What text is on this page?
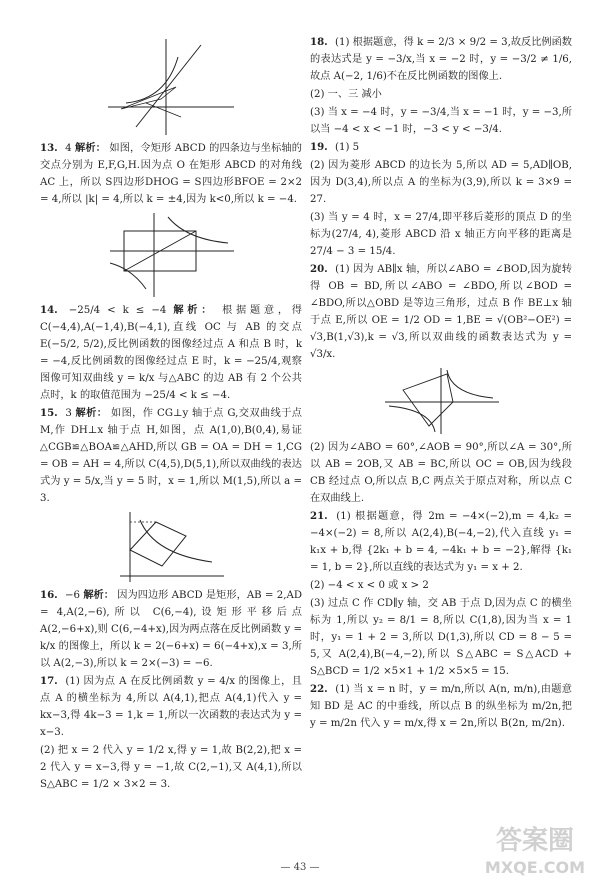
13. 4 解析： 如图，令矩形 ABCD 的四条边与坐标轴的交点分别为 E,F,G,H.因为点 O 在矩形 ABCD 的对角线 AC 上，所以 S四边形DHOG = S四边形BFOE = 2×2 = 4,所以 |k| = 4,所以 k = ±4,因为 k<0,所以 k = −4.
14. −25/4 < k ≤ −4 解析： 根据题意，得 C(−4,4),A(−1,4),B(−4,1),直线 OC 与 AB 的交点 E(−5/2, 5/2),反比例函数的图像经过点 A 和点 B 时，k = −4,反比例函数的图像经过点 E 时，k = −25/4,观察图像可知双曲线 y = k/x 与△ABC 的边 AB 有 2 个公共点时，k 的取值范围为 −25/4 < k ≤ −4.
15. 3 解析： 如图，作 CG⊥y 轴于点 G,交双曲线于点 M,作 DH⊥x 轴于点 H,如图，点 A(1,0),B(0,4),易证△CGB≌△BOA≌△AHD,所以 GB = OA = DH = 1,CG = OB = AH = 4,所以 C(4,5),D(5,1),所以双曲线的表达式为 y = 5/x,当 y = 5 时，x = 1,所以 M(1,5),所以 a = 3.
16. −6 解析： 因为四边形 ABCD 是矩形，AB = 2,AD = 4,A(2,−6),所以 C(6,−4),设矩形平移后点 A(2,−6+x),则 C(6,−4+x),因为两点落在反比例函数 y = k/x 的图像上，所以 k = 2(−6+x) = 6(−4+x),x = 3,所以 A(2,−3),所以 k = 2×(−3) = −6.
17. (1) 因为点 A 在反比例函数 y = 4/x 的图像上，且点 A 的横坐标为 4,所以 A(4,1),把点 A(4,1)代入 y = kx−3,得 4k−3 = 1,k = 1,所以一次函数的表达式为 y = x−3.
(2) 把 x = 2 代入 y = 1/2 x,得 y = 1,故 B(2,2),把 x = 2 代入 y = x−3,得 y = −1,故 C(2,−1),又 A(4,1),所以 S△ABC = 1/2 × 3×2 = 3.
18. (1) 根据题意，得 k = 2/3 × 9/2 = 3,故反比例函数的表达式是 y = −3/x,当 x = −2 时，y = −3/2 ≠ 1/6,故点 A(−2, 1/6)不在反比例函数的图像上.
(2) 一、三 减小
(3) 当 x = −4 时，y = −3/4,当 x = −1 时，y = −3,所以当 −4 < x < −1 时，−3 < y < −3/4.
19. (1) 5
(2) 因为菱形 ABCD 的边长为 5,所以 AD = 5,AD∥OB,因为 D(3,4),所以点 A 的坐标为(3,9),所以 k = 3×9 = 27.
(3) 当 y = 4 时，x = 27/4,即平移后菱形的顶点 D 的坐标为(27/4, 4),菱形 ABCD 沿 x 轴正方向平移的距离是 27/4 − 3 = 15/4.
20. (1) 因为 AB∥x 轴，所以∠ABO = ∠BOD,因为旋转得 OB = BD,所以∠ABO = ∠BDO,所以∠BOD = ∠BDO,所以△OBD 是等边三角形，过点 B 作 BE⊥x 轴于点 E,所以 OE = 1/2 OD = 1,BE = √(OB²−OE²) = √3,B(1,√3),k = √3,所以双曲线的函数表达式为 y = √3/x.
(2) 因为∠ABO = 60°,∠AOB = 90°,所以∠A = 30°,所以 AB = 2OB,又 AB = BC,所以 OC = OB,因为线段 CB 经过点 O,所以点 B,C 两点关于原点对称，所以点 C 在双曲线上.
21. (1) 根据题意，得 2m = −4×(−2),m = 4,k₂ = −4×(−2) = 8,所以 A(2,4),B(−4,−2),代入直线 y₁ = k₁x + b,得 {2k₁ + b = 4, −4k₁ + b = −2},解得 {k₁ = 1, b = 2},所以直线的表达式为 y₁ = x + 2.
(2) −4 < x < 0 或 x > 2
(3) 过点 C 作 CD∥y 轴，交 AB 于点 D,因为点 C 的横坐标为 1,所以 y₂ = 8/1 = 8,所以 C(1,8),因为当 x = 1 时，y₁ = 1 + 2 = 3,所以 D(1,3),所以 CD = 8 − 5 = 5,又 A(2,4),B(−4,−2),所以 S△ABC = S△ACD + S△BCD = 1/2 ×5×1 + 1/2 ×5×5 = 15.
22. (1) 当 x = n 时，y = m/n,所以 A(n, m/n),由题意知 BD 是 AC 的中垂线，所以点 B 的纵坐标为 m/2n,把 y = m/2n 代入 y = m/x,得 x = 2n,所以 B(2n, m/2n).
— 43 —
答案圈
MXQE.COM
